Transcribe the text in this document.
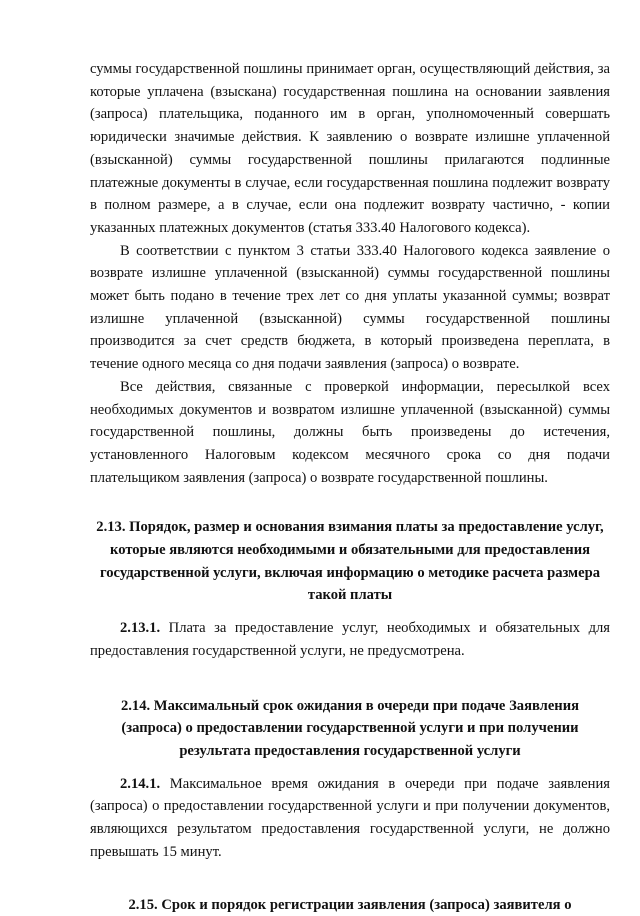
суммы государственной пошлины принимает орган, осуществляющий действия, за которые уплачена (взыскана) государственная пошлина на основании заявления (запроса) плательщика, поданного им в орган, уполномоченный совершать юридически значимые действия. К заявлению о возврате излишне уплаченной (взысканной) суммы государственной пошлины прилагаются подлинные платежные документы в случае, если государственная пошлина подлежит возврату в полном размере, а в случае, если она подлежит возврату частично, - копии указанных платежных документов (статья 333.40 Налогового кодекса).

В соответствии с пунктом 3 статьи 333.40 Налогового кодекса заявление о возврате излишне уплаченной (взысканной) суммы государственной пошлины может быть подано в течение трех лет со дня уплаты указанной суммы; возврат излишне уплаченной (взысканной) суммы государственной пошлины производится за счет средств бюджета, в который произведена переплата, в течение одного месяца со дня подачи заявления (запроса) о возврате.

Все действия, связанные с проверкой информации, пересылкой всех необходимых документов и возвратом излишне уплаченной (взысканной) суммы государственной пошлины, должны быть произведены до истечения, установленного Налоговым кодексом месячного срока со дня подачи плательщиком заявления (запроса) о возврате государственной пошлины.

2.13. Порядок, размер и основания взимания платы за предоставление услуг, которые являются необходимыми и обязательными для предоставления государственной услуги, включая информацию о методике расчета размера такой платы

2.13.1. Плата за предоставление услуг, необходимых и обязательных для предоставления государственной услуги, не предусмотрена.

2.14. Максимальный срок ожидания в очереди при подаче Заявления (запроса) о предоставлении государственной услуги и при получении результата предоставления государственной услуги

2.14.1. Максимальное время ожидания в очереди при подаче заявления (запроса) о предоставлении государственной услуги и при получении документов, являющихся результатом предоставления государственной услуги, не должно превышать 15 минут.

2.15. Срок и порядок регистрации заявления (запроса) заявителя о
